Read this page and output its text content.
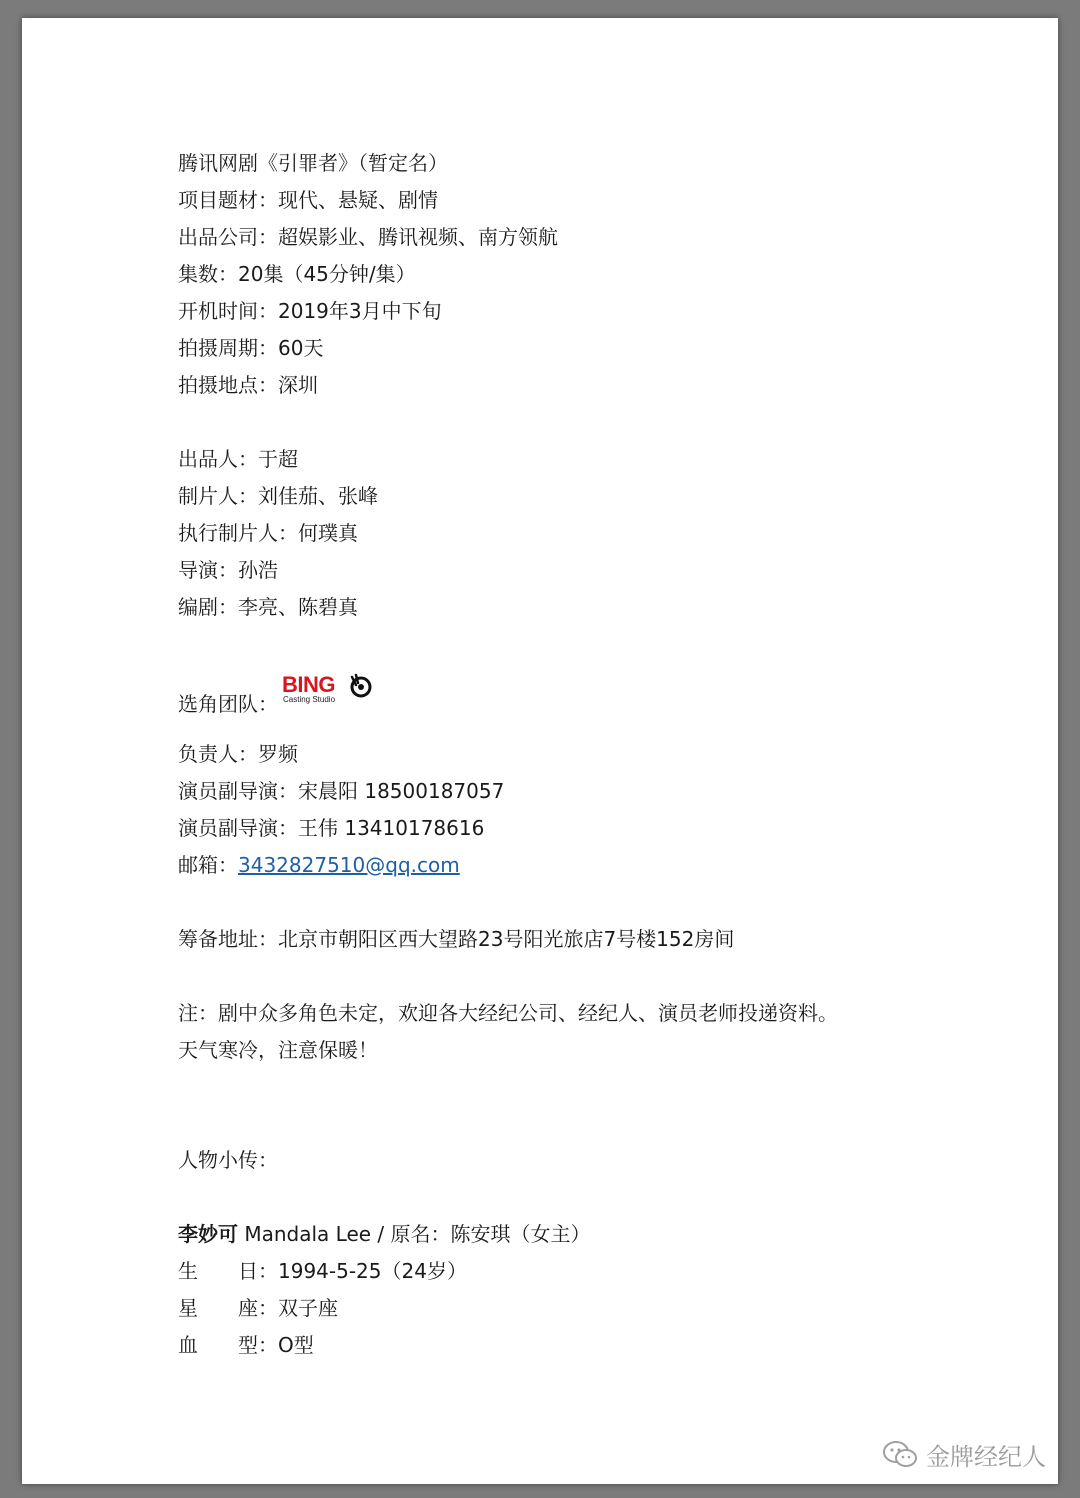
腾讯网剧《引罪者》（暂定名）
项目题材：现代、悬疑、剧情
出品公司：超娱影业、腾讯视频、南方领航
集数：20集（45分钟/集）
开机时间：2019年3月中下旬
拍摄周期：60天
拍摄地点：深圳
出品人：于超
制片人：刘佳茄、张峰
执行制片人：何璞真
导演：孙浩
编剧：李亮、陈碧真
选角团队：
BING
Casting Studio
负责人：罗频
演员副导演：宋晨阳 18500187057
演员副导演：王伟 13410178616
邮箱：3432827510@qq.com
筹备地址：北京市朝阳区西大望路23号阳光旅店7号楼152房间
注：剧中众多角色未定，欢迎各大经纪公司、经纪人、演员老师投递资料。
天气寒冷，注意保暖！
人物小传：
李妙可 Mandala Lee / 原名：陈安琪（女主）
生　　日：1994-5-25（24岁）
星　　座：双子座
血　　型：O型
金牌经纪人
